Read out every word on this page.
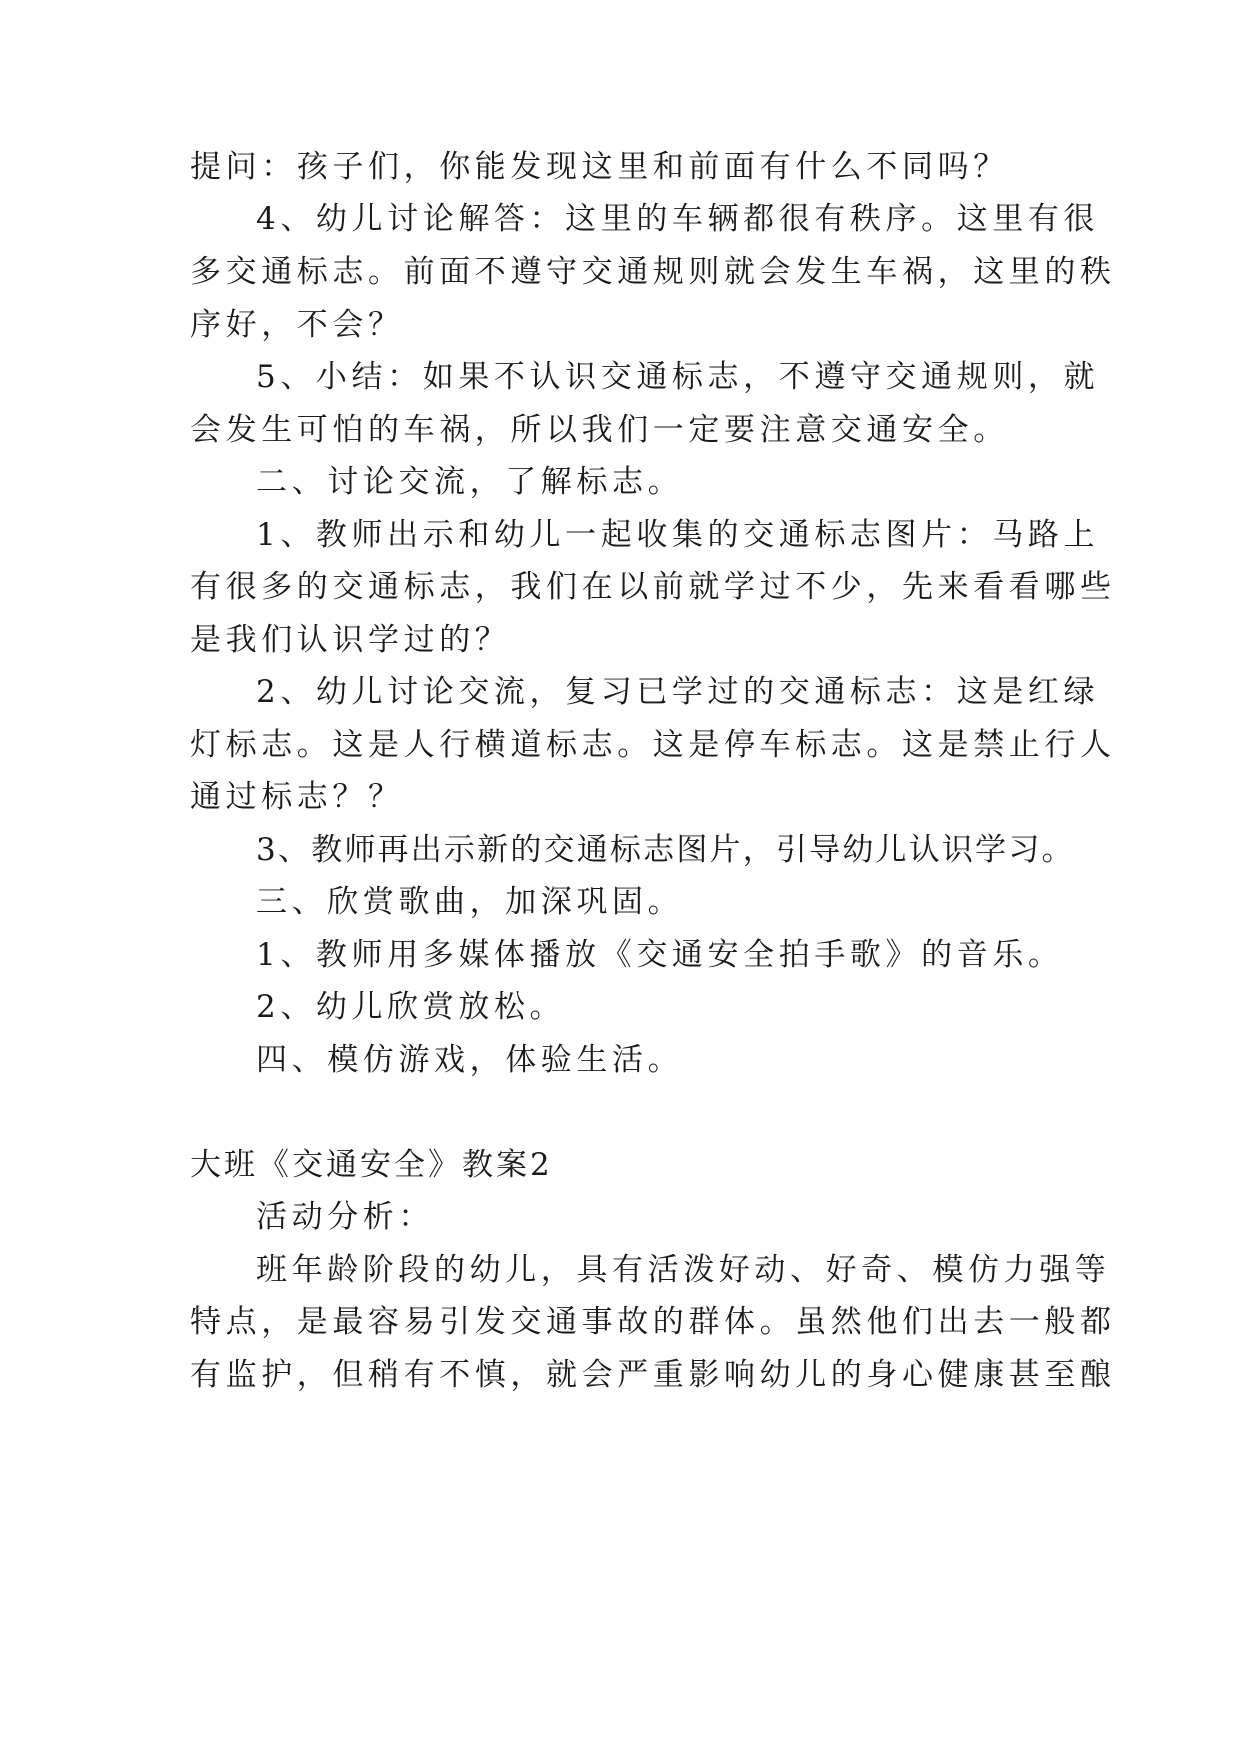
提问：孩子们，你能发现这里和前面有什么不同吗？
4、幼儿讨论解答：这里的车辆都很有秩序。这里有很
多交通标志。前面不遵守交通规则就会发生车祸，这里的秩
序好，不会？
5、小结：如果不认识交通标志，不遵守交通规则，就
会发生可怕的车祸，所以我们一定要注意交通安全。
二、讨论交流，了解标志。
1、教师出示和幼儿一起收集的交通标志图片：马路上
有很多的交通标志，我们在以前就学过不少，先来看看哪些
是我们认识学过的？
2、幼儿讨论交流，复习已学过的交通标志：这是红绿
灯标志。这是人行横道标志。这是停车标志。这是禁止行人
通过标志？？
3、教师再出示新的交通标志图片，引导幼儿认识学习。
三、欣赏歌曲，加深巩固。
1、教师用多媒体播放《交通安全拍手歌》的音乐。
2、幼儿欣赏放松。
四、模仿游戏，体验生活。
大班《交通安全》教案2
活动分析：
班年龄阶段的幼儿，具有活泼好动、好奇、模仿力强等
特点，是最容易引发交通事故的群体。虽然他们出去一般都
有监护，但稍有不慎，就会严重影响幼儿的身心健康甚至酿
